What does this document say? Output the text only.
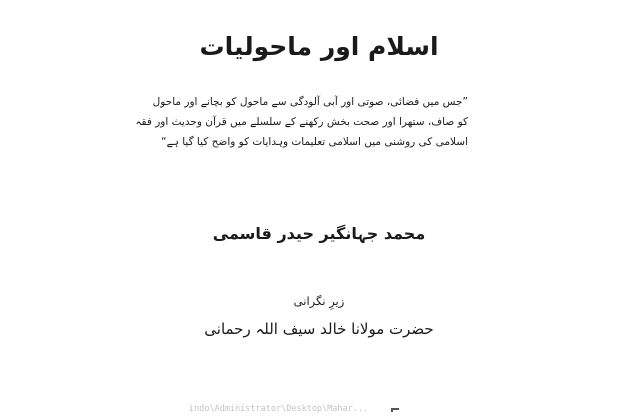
اسلام اور ماحولیات
”جس میں فضائی، صوتی اور آبی آلودگی سے ماحول کو بچانے اور ماحول
کو صاف، ستھرا اور صحت بخش رکھنے کے سلسلے میں قرآن وحدیث اور فقہ
اسلامی کی روشنی میں اسلامی تعلیمات وہدایات کو واضح کیا گیا ہے“
محمد جہانگیر حیدر قاسمی
زیرِ نگرانی
حضرت مولانا خالد سیف اللہ رحمانی
indo\Administrator\Desktop\Mahar...
